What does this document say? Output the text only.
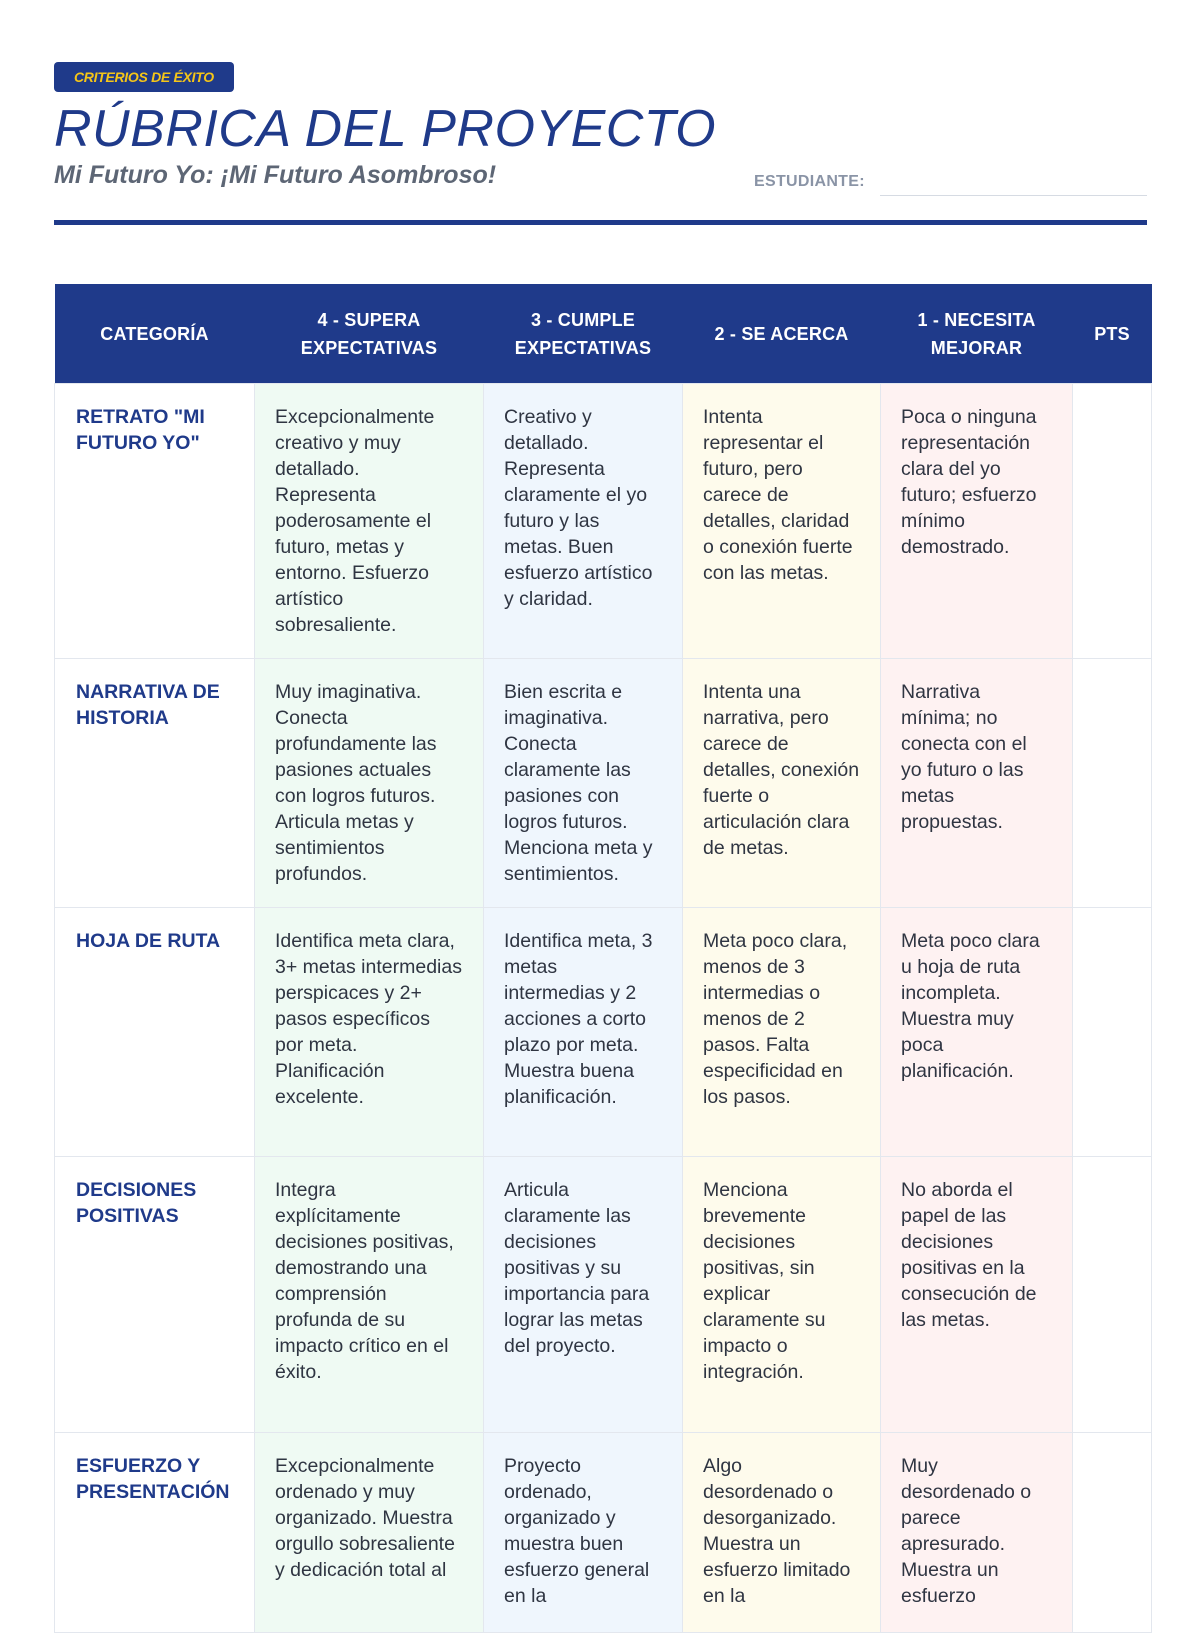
CRITERIOS DE ÉXITO
RÚBRICA DEL PROYECTO
Mi Futuro Yo: ¡Mi Futuro Asombroso!	ESTUDIANTE:
CATEGORÍA	4 - SUPERA EXPECTATIVAS	3 - CUMPLE EXPECTATIVAS	2 - SE ACERCA	1 - NECESITA MEJORAR	PTS
RETRATO "MI FUTURO YO"	Excepcionalmente creativo y muy detallado. Representa poderosamente el futuro, metas y entorno. Esfuerzo artístico sobresaliente.	Creativo y detallado. Representa claramente el yo futuro y las metas. Buen esfuerzo artístico y claridad.	Intenta representar el futuro, pero carece de detalles, claridad o conexión fuerte con las metas.	Poca o ninguna representación clara del yo futuro; esfuerzo mínimo demostrado.	
NARRATIVA DE HISTORIA	Muy imaginativa. Conecta profundamente las pasiones actuales con logros futuros. Articula metas y sentimientos profundos.	Bien escrita e imaginativa. Conecta claramente las pasiones con logros futuros. Menciona meta y sentimientos.	Intenta una narrativa, pero carece de detalles, conexión fuerte o articulación clara de metas.	Narrativa mínima; no conecta con el yo futuro o las metas propuestas.	
HOJA DE RUTA	Identifica meta clara, 3+ metas intermedias perspicaces y 2+ pasos específicos por meta. Planificación excelente.	Identifica meta, 3 metas intermedias y 2 acciones a corto plazo por meta. Muestra buena planificación.	Meta poco clara, menos de 3 intermedias o menos de 2 pasos. Falta especificidad en los pasos.	Meta poco clara u hoja de ruta incompleta. Muestra muy poca planificación.	
DECISIONES POSITIVAS	Integra explícitamente decisiones positivas, demostrando una comprensión profunda de su impacto crítico en el éxito.	Articula claramente las decisiones positivas y su importancia para lograr las metas del proyecto.	Menciona brevemente decisiones positivas, sin explicar claramente su impacto o integración.	No aborda el papel de las decisiones positivas en la consecución de las metas.	
ESFUERZO Y PRESENTACIÓN	Excepcionalmente ordenado y muy organizado. Muestra orgullo sobresaliente y dedicación total al	Proyecto ordenado, organizado y muestra buen esfuerzo general en la	Algo desordenado o desorganizado. Muestra un esfuerzo limitado en la	Muy desordenado o parece apresurado. Muestra un esfuerzo	
